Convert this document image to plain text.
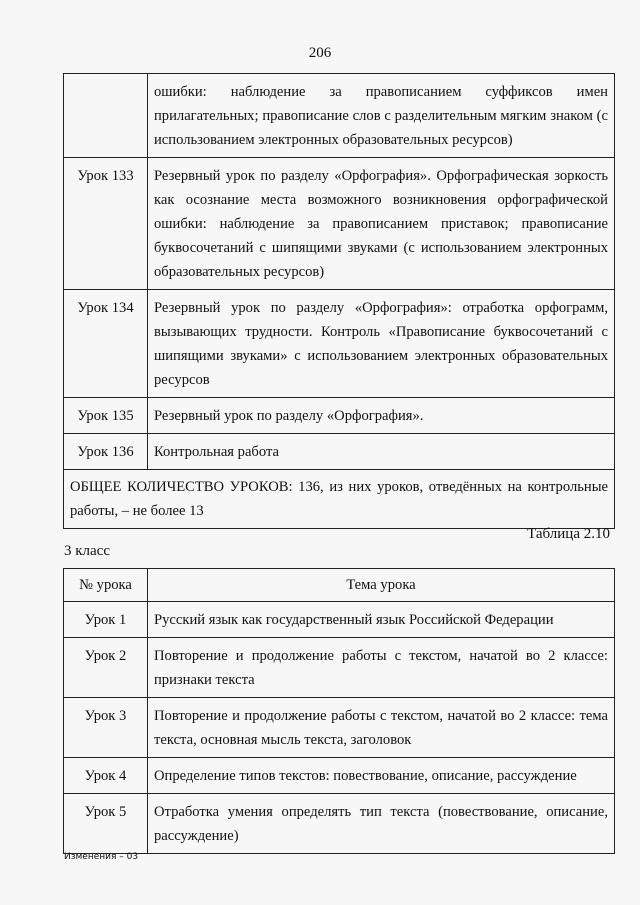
206
	ошибки: наблюдение за правописанием суффиксов имен прилагательных; правописание слов с разделительным мягким знаком (с использованием электронных образовательных ресурсов)
Урок 133	Резервный урок по разделу «Орфография». Орфографическая зоркость как осознание места возможного возникновения орфографической ошибки: наблюдение за правописанием приставок; правописание буквосочетаний с шипящими звуками (с использованием электронных образовательных ресурсов)
Урок 134	Резервный урок по разделу «Орфография»: отработка орфограмм, вызывающих трудности. Контроль «Правописание буквосочетаний с шипящими звуками» с использованием электронных образовательных ресурсов
Урок 135	Резервный урок по разделу «Орфография».
Урок 136	Контрольная работа
ОБЩЕЕ КОЛИЧЕСТВО УРОКОВ: 136, из них уроков, отведённых на контрольные работы, – не более 13	
Таблица 2.10
3 класс
№ урока	Тема урока
Урок 1	Русский язык как государственный язык Российской Федерации
Урок 2	Повторение и продолжение работы с текстом, начатой во 2 классе: признаки текста
Урок 3	Повторение и продолжение работы с текстом, начатой во 2 классе: тема текста, основная мысль текста, заголовок
Урок 4	Определение типов текстов: повествование, описание, рассуждение
Урок 5	Отработка умения определять тип текста (повествование, описание, рассуждение)
Изменения – 03
